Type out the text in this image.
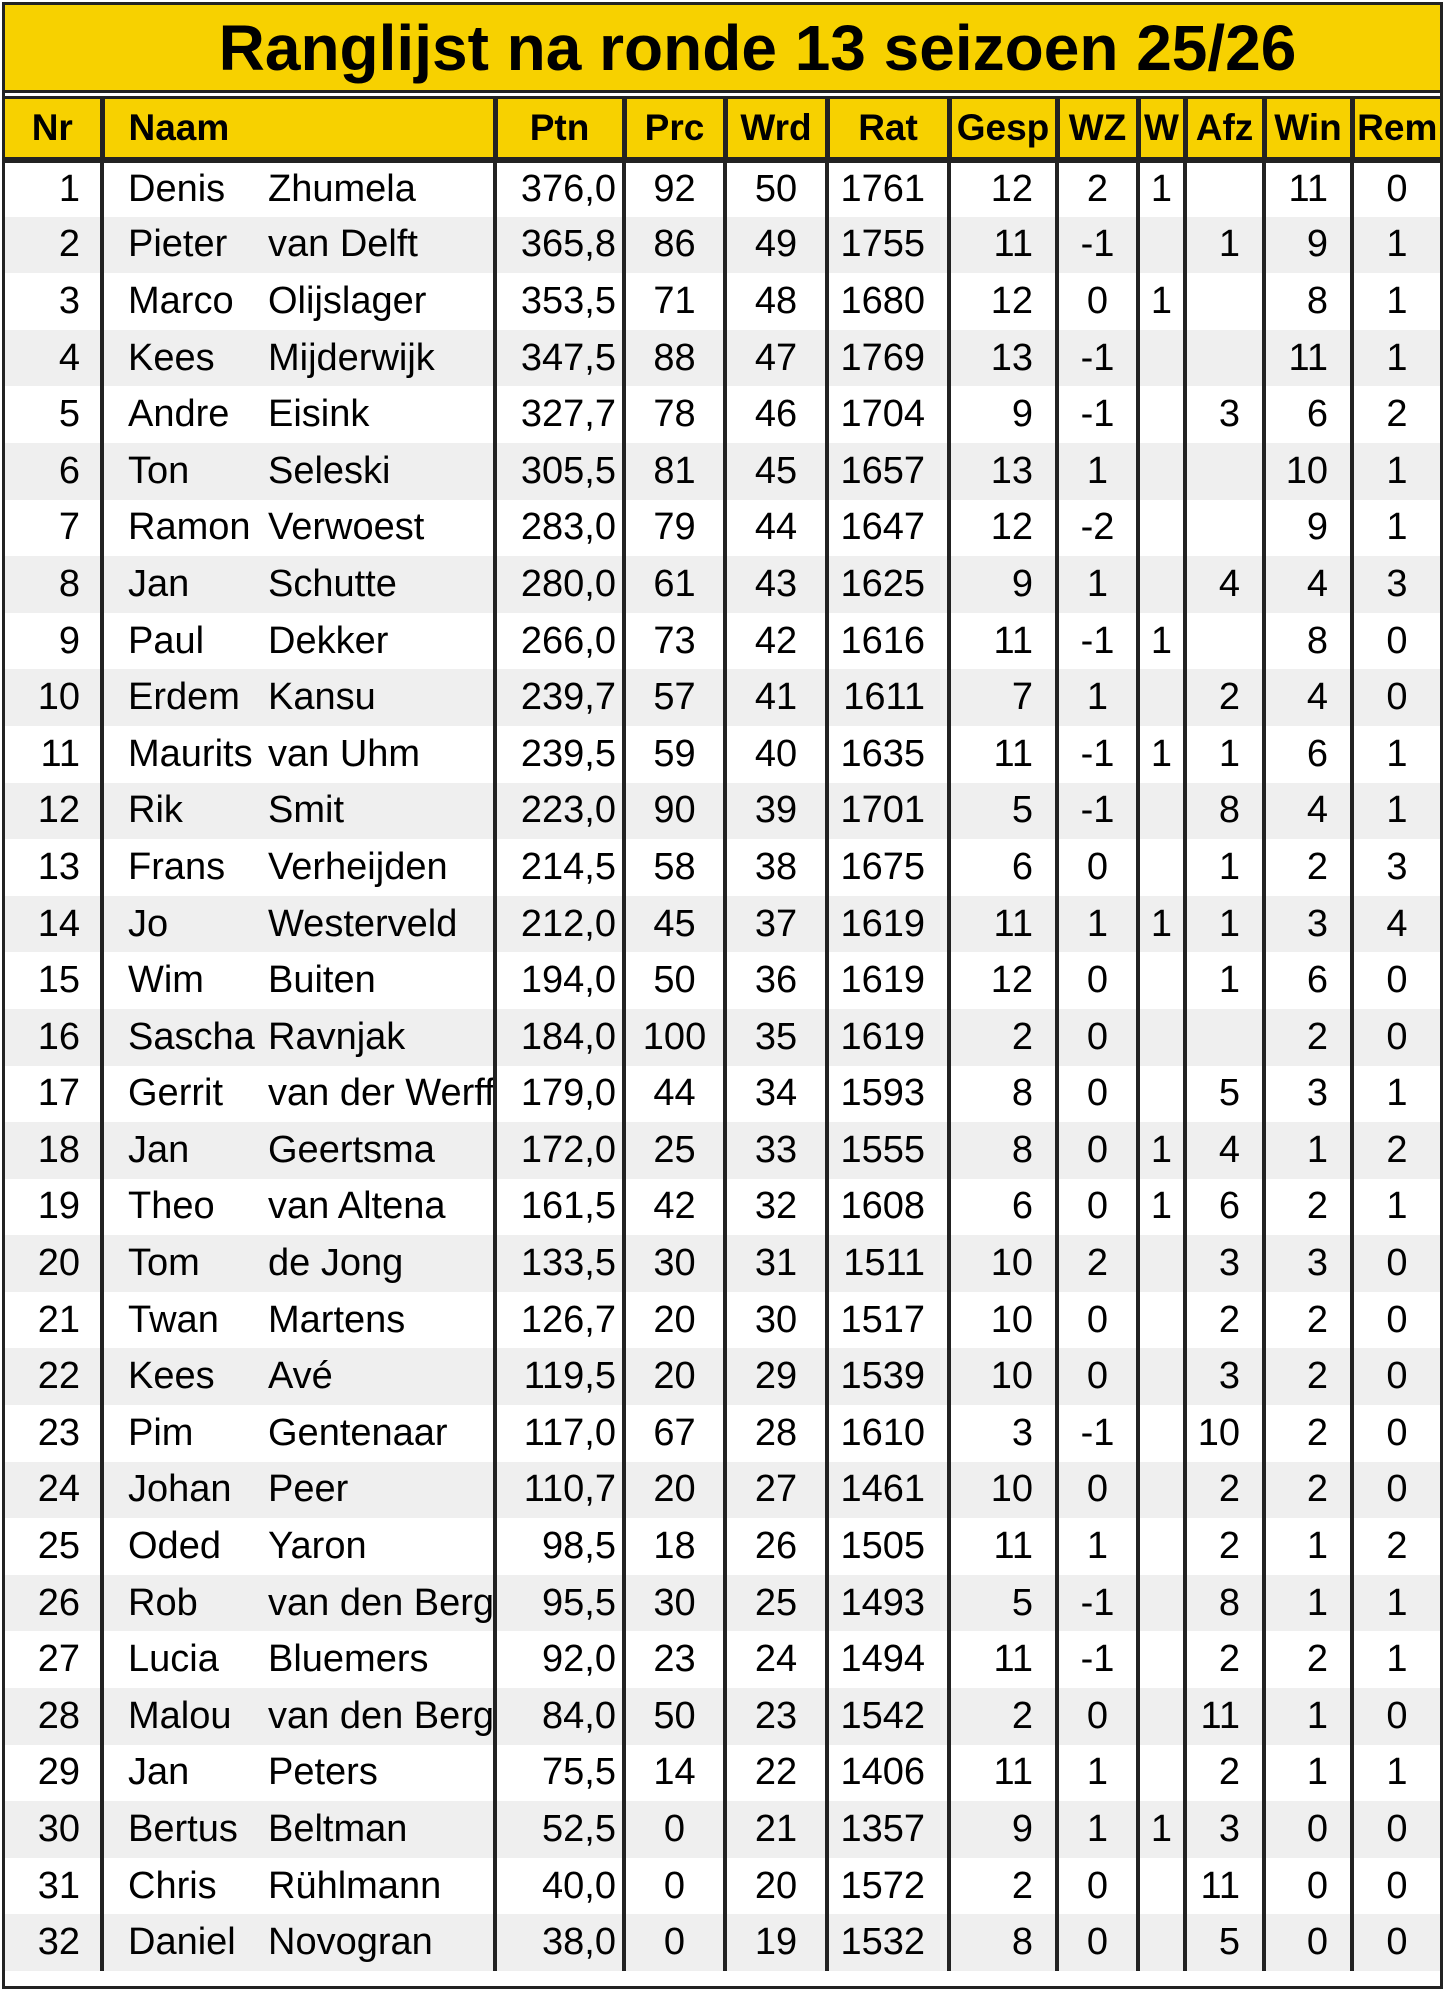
Ranglijst na ronde 13 seizoen 25/26
Nr	Naam	Ptn	Prc	Wrd	Rat	Gesp	WZ	W	Afz	Win	Rem
1	Denis Zhumela	376,0	92	50	1761	12	2	1		11	0
2	Pieter van Delft	365,8	86	49	1755	11	-1		1	9	1
3	Marco Olijslager	353,5	71	48	1680	12	0	1		8	1
4	Kees Mijderwijk	347,5	88	47	1769	13	-1			11	1
5	Andre Eisink	327,7	78	46	1704	9	-1		3	6	2
6	Ton Seleski	305,5	81	45	1657	13	1			10	1
7	Ramon Verwoest	283,0	79	44	1647	12	-2			9	1
8	Jan Schutte	280,0	61	43	1625	9	1		4	4	3
9	Paul Dekker	266,0	73	42	1616	11	-1	1		8	0
10	Erdem Kansu	239,7	57	41	1611	7	1		2	4	0
11	Maurits van Uhm	239,5	59	40	1635	11	-1	1	1	6	1
12	Rik Smit	223,0	90	39	1701	5	-1		8	4	1
13	Frans Verheijden	214,5	58	38	1675	6	0		1	2	3
14	Jo Westerveld	212,0	45	37	1619	11	1	1	1	3	4
15	Wim Buiten	194,0	50	36	1619	12	0		1	6	0
16	Sascha Ravnjak	184,0	100	35	1619	2	0			2	0
17	Gerrit van der Werff	179,0	44	34	1593	8	0		5	3	1
18	Jan Geertsma	172,0	25	33	1555	8	0	1	4	1	2
19	Theo van Altena	161,5	42	32	1608	6	0	1	6	2	1
20	Tom de Jong	133,5	30	31	1511	10	2		3	3	0
21	Twan Martens	126,7	20	30	1517	10	0		2	2	0
22	Kees Avé	119,5	20	29	1539	10	0		3	2	0
23	Pim Gentenaar	117,0	67	28	1610	3	-1		10	2	0
24	Johan Peer	110,7	20	27	1461	10	0		2	2	0
25	Oded Yaron	98,5	18	26	1505	11	1		2	1	2
26	Rob van den Berg	95,5	30	25	1493	5	-1		8	1	1
27	Lucia Bluemers	92,0	23	24	1494	11	-1		2	2	1
28	Malou van den Berg	84,0	50	23	1542	2	0		11	1	0
29	Jan Peters	75,5	14	22	1406	11	1		2	1	1
30	Bertus Beltman	52,5	0	21	1357	9	1	1	3	0	0
31	Chris Rühlmann	40,0	0	20	1572	2	0		11	0	0
32	Daniel Novogran	38,0	0	19	1532	8	0		5	0	0
